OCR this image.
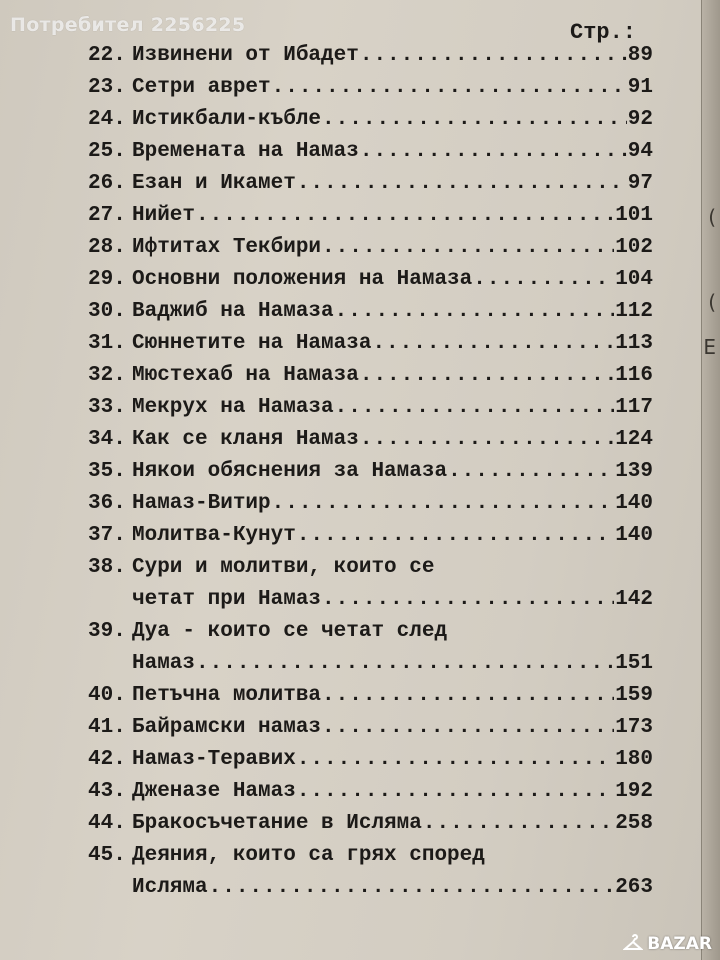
Потребител 2256225
(
(
E
Стр.:
22. Извинени от Ибадет .....	89
23. Сетри аврет .....	91
24. Истикбали-къбле .....	92
25. Времената на Намаз .....	94
26. Езан и Икамет .....	97
27. Нийет .....	101
28. Ифтитах Текбири .....	102
29. Основни положения на Намаза .....	104
30. Ваджиб на Намаза .....	112
31. Сюннетите на Намаза .....	113
32. Мюстехаб на Намаза .....	116
33. Мекрух на Намаза .....	117
34. Как се кланя Намаз .....	124
35. Някои обяснения за Намаза .....	139
36. Намаз-Витир .....	140
37. Молитва-Кунут .....	140
38. Сури и молитви, които се
четат при Намаз .....	142
39. Дуа - които се четат след
Намаз .....	151
40. Петъчна молитва .....	159
41. Байрамски намаз .....	173
42. Намаз-Теравих .....	180
43. Дженазе Намаз .....	192
44. Бракосъчетание в Исляма .....	258
45. Деяния, които са грях според
Исляма .....	263
BAZAR
